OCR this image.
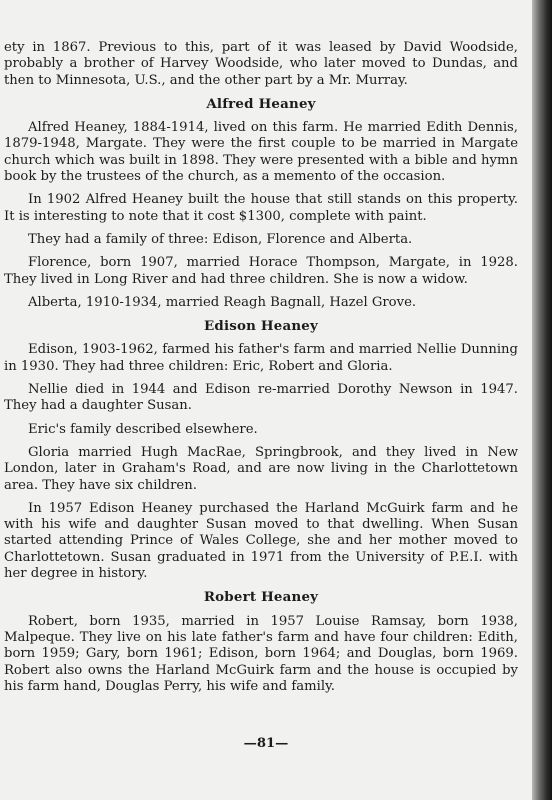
ety in 1867. Previous to this, part of it was leased by David Woodside, probably a brother of Harvey Woodside, who later moved to Dundas, and then to Minnesota, U.S., and the other part by a Mr. Murray.

Alfred Heaney

Alfred Heaney, 1884-1914, lived on this farm. He married Edith Dennis, 1879-1948, Margate. They were the first couple to be married in Margate church which was built in 1898. They were presented with a bible and hymn book by the trustees of the church, as a memento of the occasion.

In 1902 Alfred Heaney built the house that still stands on this property. It is interesting to note that it cost $1300, complete with paint.

They had a family of three: Edison, Florence and Alberta.

Florence, born 1907, married Horace Thompson, Margate, in 1928. They lived in Long River and had three children. She is now a widow.

Alberta, 1910-1934, married Reagh Bagnall, Hazel Grove.

Edison Heaney

Edison, 1903-1962, farmed his father's farm and married Nellie Dunning in 1930. They had three children: Eric, Robert and Gloria.

Nellie died in 1944 and Edison re-married Dorothy Newson in 1947. They had a daughter Susan.

Eric's family described elsewhere.

Gloria married Hugh MacRae, Springbrook, and they lived in New London, later in Graham's Road, and are now living in the Charlottetown area. They have six children.

In 1957 Edison Heaney purchased the Harland McGuirk farm and he with his wife and daughter Susan moved to that dwelling. When Susan started attending Prince of Wales College, she and her mother moved to Charlottetown. Susan graduated in 1971 from the University of P.E.I. with her degree in history.

Robert Heaney

Robert, born 1935, married in 1957 Louise Ramsay, born 1938, Malpeque. They live on his late father's farm and have four children: Edith, born 1959; Gary, born 1961; Edison, born 1964; and Douglas, born 1969. Robert also owns the Harland McGuirk farm and the house is occupied by his farm hand, Douglas Perry, his wife and family.

—81—
